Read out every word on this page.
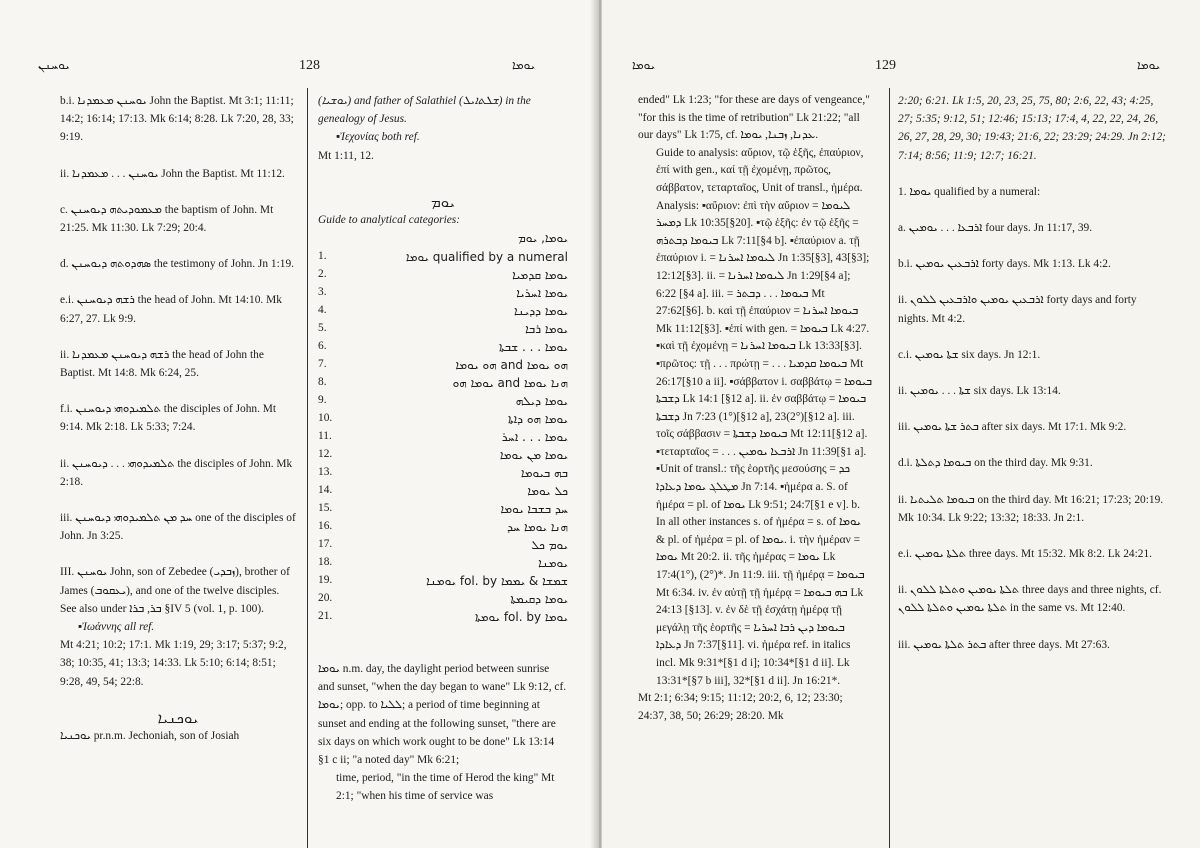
ܝܘܚܢܢ	128	ܝܘܡܐ

b.i. ܝܘܚܢܢ ܡܥܡܕܢܐ John the Baptist. Mt 3:1; 11:11; 14:2; 16:14; 17:13. Mk 6:14; 8:28. Lk 7:20, 28, 33; 9:19.

ii. ܝܘܚܢܢ . . . ܡܥܡܕܢܐ John the Baptist. Mt 11:12.

c. ܡܥܡܘܕܝܬܗ ܕܝܘܚܢܢ the baptism of John. Mt 21:25. Mk 11:30. Lk 7:29; 20:4.

d. ܣܗܕܘܬܗ ܕܝܘܚܢܢ the testimony of John. Jn 1:19.

e.i. ܪܫܗ ܕܝܘܚܢܢ the head of John. Mt 14:10. Mk 6:27, 27. Lk 9:9.

ii. ܪܫܗ ܕܝܘܚܢܢ ܡܥܡܕܢܐ the head of John the Baptist. Mt 14:8. Mk 6:24, 25.

f.i. ܬܠܡܝܕܘܗܝ ܕܝܘܚܢܢ the disciples of John. Mt 9:14. Mk 2:18. Lk 5:33; 7:24.

ii. ܬܠܡܝܕܘܗܝ . . . ܕܝܘܚܢܢ the disciples of John. Mk 2:18.

iii. ܚܕ ܡܢ ܬܠܡܝܕܘܗܝ ܕܝܘܚܢܢ one of the disciples of John. Jn 3:25.

III. ܝܘܚܢܢ John, son of Zebedee (ܙܒܕܝ), brother of James (ܝܥܩܘܒ), and one of the twelve disciples. See also under ܒܪ, ܒܪܐ §IV 5 (vol. 1, p. 100).

▪Ἰωάννης all ref.

Mt 4:21; 10:2; 17:1. Mk 1:19, 29; 3:17; 5:37; 9:2, 38; 10:35, 41; 13:3; 14:33. Lk 5:10; 6:14; 8:51; 9:28, 49, 54; 22:8.

ܝܘܟܢܝܐ

ܝܘܟܢܝܐ pr.n.m. Jechoniah, son of Josiah

(ܝܘܫܝܐ) and father of Salathiel (ܫܠܬܐܝܠ) in the genealogy of Jesus.

▪Ἰεχονίας both ref.

Mt 1:11, 12.

ܝܘܡ

Guide to analytical categories:

ܝܘܡܐ, ܝܘܡ

1.	ܝܘܡܐ qualified by a numeral
2.	ܝܘܡܐ ܩܕܡܝܐ
3.	ܝܘܡܐ ܐܚܪܝܐ
4.	ܝܘܡܐ ܕܕܝܢܐ
5.	ܝܘܡܐ ܪܒܐ
6.	ܝܘܡܐ . . . ܫܒܬܐ
7.	ܗܘ ܝܘܡܐ and ܗܘ ܝܘܡܐ
8.	ܝܘܡܐ ܗܘ and ܗܢܐ ܝܘܡܐ
9.	ܝܘܡܐ ܕܝܠܗ
10.	ܝܘܡܐ ܗܘ ܕܐܬܐ
11.	ܝܘܡܐ . . . ܐܚܪ
12.	ܝܘܡܐ ܡܢ ܝܘܡܐ
13.	ܒܗ ܒܝܘܡܐ
14.	ܟܠ ܝܘܡܐ
15.	ܚܕ ܒܫܒܐ ܝܘܡܐ
16.	ܗܢܐ ܝܘܡܐ ܚܕ
17.	ܝܘܡ ܟܠ
18.	ܝܘܡܢܐ
19.	ܝܘܡܢܐ fol. by ܫܡܫܐ & ܝܡܡܐ
20.	ܝܘܡܐ ܕܩܝܡܬܐ
21.	ܝܘܡܬܐ fol. by ܝܘܡܐ

ܝܘܡܐ n.m. day, the daylight period between sunrise and sunset, "when the day began to wane" Lk 9:12, cf. ܝܘܡܐ; opp. to ܠܠܝܐ; a period of time beginning at sunset and ending at the following sunset, "there are six days on which work ought to be done" Lk 13:14 §1 c ii; "a noted day" Mk 6:21;

time, period, "in the time of Herod the king" Mt 2:1; "when his time of service was

ܝܘܡܐ	129	ܝܘܡܐ

ended" Lk 1:23; "for these are days of vengeance," "for this is the time of retribution" Lk 21:22; "all our days" Lk 1:75, cf. ܥܕܢܐ, ܙܒܢܐ, ܝܘܡܐ.

Guide to analysis: αὔριον, τῷ ἑξῆς, ἐπαύριον, ἐπί with gen., καί τῇ ἐχομένῃ, πρῶτος, σάββατον, τεταρταῖος, Unit of transl., ἡμέρα.

Analysis: ▪αὔριον: ἐπὶ τὴν αὔριον = ܠܝܘܡܐ ܕܡܚܪ Lk 10:35[§20]. ▪τῷ ἑξῆς: ἐν τῷ ἑξῆς = ܒܝܘܡܐ ܕܒܬܪܗ Lk 7:11[§4 b]. ▪ἐπαύριον a. τῇ ἐπαύριον i. = ܠܝܘܡܐ ܐܚܪܢܐ Jn 1:35[§3], 43[§3]; 12:12[§3]. ii. = ܠܝܘܡܐ ܐܚܪܢܐ Jn 1:29[§4 a]; 6:22 [§4 a]. iii. = ܒܝܘܡܐ . . . ܕܒܬܪ Mt 27:62[§6]. b. καὶ τῇ ἐπαύριον = ܒܝܘܡܐ ܐܚܪܢܐ Mk 11:12[§3]. ▪ἐπί with gen. = ܒܝܘܡܐ Lk 4:27. ▪καὶ τῇ ἐχομένῃ = ܒܝܘܡܐ ܐܚܪܢܐ Lk 13:33[§3]. ▪πρῶτος: τῇ . . . πρώτῃ = . . . ܒܝܘܡܐ ܩܕܡܝܐ Mt 26:17[§10 a ii]. ▪σάββατον i. σαββάτῳ = ܒܝܘܡܐ ܕܫܒܬܐ Lk 14:1 [§12 a]. ii. ἐν σαββάτῳ = ܒܝܘܡܐ ܕܫܒܬܐ Jn 7:23 (1°)[§12 a], 23(2°)[§12 a]. iii. τοῖς σάββασιν = ܒܝܘܡܐ ܕܫܒܬܐ Mt 12:11[§12 a]. ▪τεταρταῖος = . . . ܐܪܒܥܐ ܝܘܡܝܢ Jn 11:39[§1 a]. ▪Unit of transl.: τῆς ἑορτῆς μεσούσης = ܟܕ ܡܛܠܓ ܝܘܡܐ ܕܥܐܕܐ Jn 7:14. ▪ἡμέρα a. S. of ἡμέρα = pl. of ܝܘܡܐ Lk 9:51; 24:7[§1 e v]. b. In all other instances s. of ἡμέρα = s. of ܝܘܡܐ & pl. of ἡμέρα = pl. of ܝܘܡܐ. i. τὴν ἡμέραν = ܝܘܡܐ Mt 20:2. ii. τῆς ἡμέρας = ܝܘܡܐ Lk 17:4(1°), (2°)*. Jn 11:9. iii. τῇ ἡμέρᾳ = ܒܝܘܡܐ Mt 6:34. iv. ἐν αὐτῇ τῇ ἡμέρᾳ = ܒܗ ܒܝܘܡܐ Lk 24:13 [§13]. v. ἐν δὲ τῇ ἐσχάτῃ ἡμέρᾳ τῇ μεγάλῃ τῆς ἑορτῆς = ܒܝܘܡܐ ܕܝܢ ܪܒܐ ܐܚܪܝܐ ܕܥܐܕܐ Jn 7:37[§11]. vi. ἡμέρα ref. in italics incl. Mk 9:31*[§1 d i]; 10:34*[§1 d ii]. Lk 13:31*[§7 b iii], 32*[§1 d ii]. Jn 16:21*.

Mt 2:1; 6:34; 9:15; 11:12; 20:2, 6, 12; 23:30; 24:37, 38, 50; 26:29; 28:20. Mk

2:20; 6:21. Lk 1:5, 20, 23, 25, 75, 80; 2:6, 22, 43; 4:25, 27; 5:35; 9:12, 51; 12:46; 15:13; 17:4, 4, 22, 22, 24, 26, 26, 27, 28, 29, 30; 19:43; 21:6, 22; 23:29; 24:29. Jn 2:12; 7:14; 8:56; 11:9; 12:7; 16:21.

1. ܝܘܡܐ qualified by a numeral:

a. ܐܪܒܥܐ . . . ܝܘܡܝܢ four days. Jn 11:17, 39.

b.i. ܐܪܒܥܝܢ ܝܘܡܝܢ forty days. Mk 1:13. Lk 4:2.

ii. ܐܪܒܥܝܢ ܝܘܡܝܢ ܘܐܪܒܥܝܢ ܠܠܘܢ forty days and forty nights. Mt 4:2.

c.i. ܫܬܐ ܝܘܡܝܢ six days. Jn 12:1.

ii. ܫܬܐ . . . ܝܘܡܝܢ six days. Lk 13:14.

iii. ܒܬܪ ܫܬܐ ܝܘܡܝܢ after six days. Mt 17:1. Mk 9:2.

d.i. ܒܝܘܡܐ ܕܬܠܬܐ on the third day. Mk 9:31.

ii. ܒܝܘܡܐ ܬܠܝܬܝܐ on the third day. Mt 16:21; 17:23; 20:19. Mk 10:34. Lk 9:22; 13:32; 18:33. Jn 2:1.

e.i. ܬܠܬܐ ܝܘܡܝܢ three days. Mt 15:32. Mk 8:2. Lk 24:21.

ii. ܬܠܬܐ ܝܘܡܝܢ ܘܬܠܬܐ ܠܠܘܢ three days and three nights, cf. ܬܠܬܐ ܝܘܡܝܢ ܘܬܠܬܐ ܠܠܘܢ in the same vs. Mt 12:40.

iii. ܒܬܪ ܬܠܬܐ ܝܘܡܝܢ after three days. Mt 27:63.
